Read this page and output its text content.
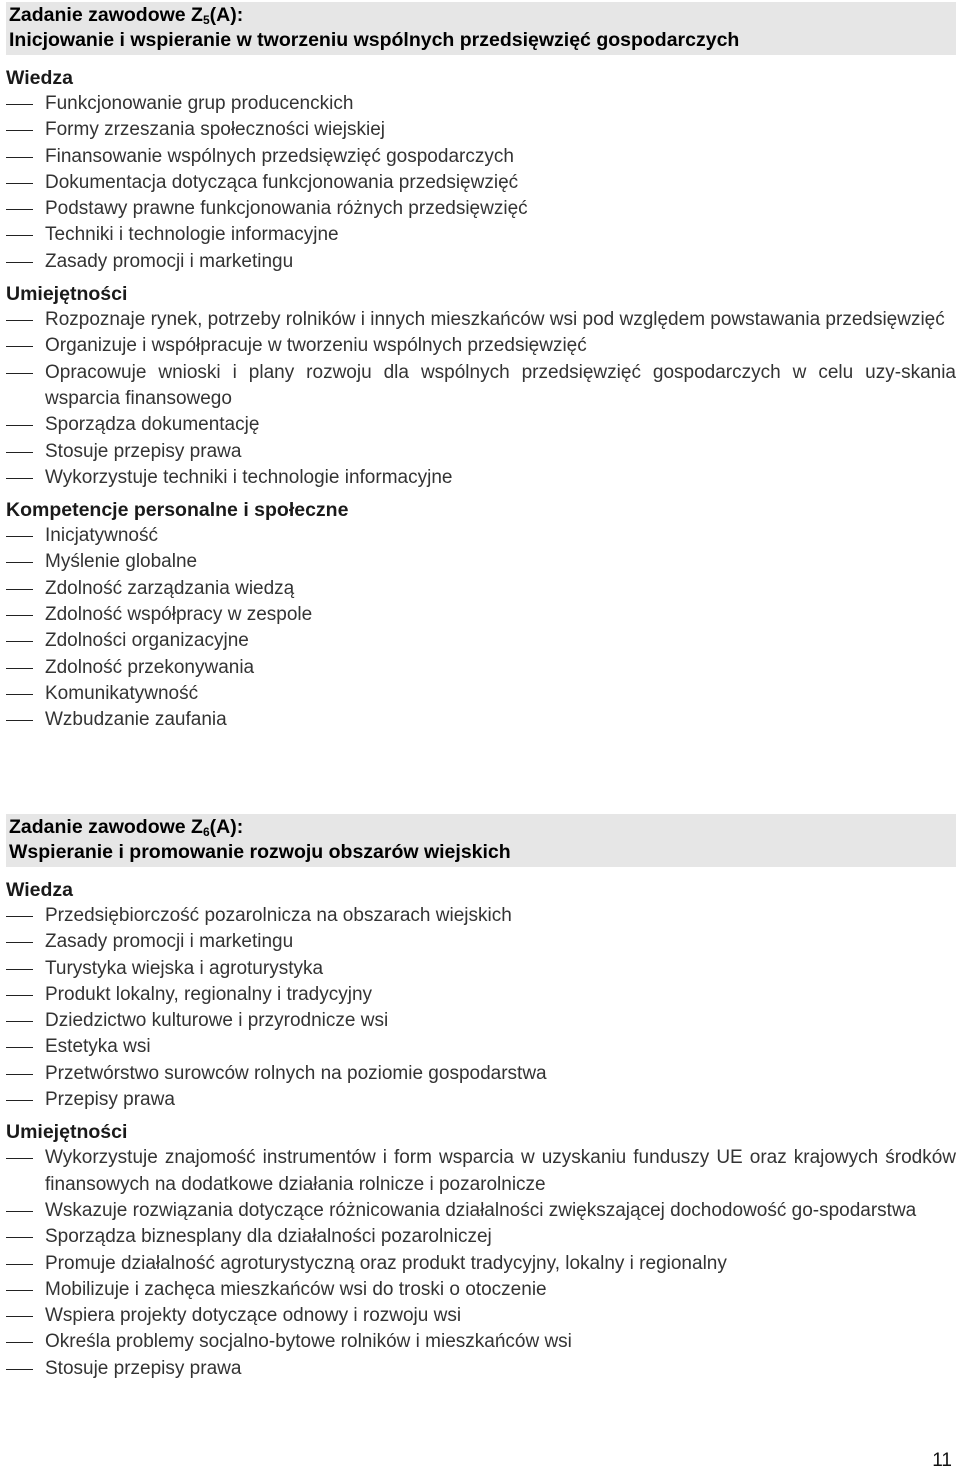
Zadanie zawodowe $Z_5(A)$:
Inicjowanie i wspieranie w tworzeniu wspólnych przedsięwzięć gospodarczych
Wiedza
Funkcjonowanie grup producenckich
Formy zrzeszania społeczności wiejskiej
Finansowanie wspólnych przedsięwzięć gospodarczych
Dokumentacja dotycząca funkcjonowania przedsięwzięć
Podstawy prawne funkcjonowania różnych przedsięwzięć
Techniki i technologie informacyjne
Zasady promocji i marketingu
Umiejętności
Rozpoznaje rynek, potrzeby rolników i innych mieszkańców wsi pod względem powstawania przedsięwzięć
Organizuje i współpracuje w tworzeniu wspólnych przedsięwzięć
Opracowuje wnioski i plany rozwoju dla wspólnych przedsięwzięć gospodarczych w celu uzy-skania wsparcia finansowego
Sporządza dokumentację
Stosuje przepisy prawa
Wykorzystuje techniki i technologie informacyjne
Kompetencje personalne i społeczne
Inicjatywność
Myślenie globalne
Zdolność zarządzania wiedzą
Zdolność współpracy w zespole
Zdolności organizacyjne
Zdolność przekonywania
Komunikatywność
Wzbudzanie zaufania
Zadanie zawodowe $Z_6(A)$:
Wspieranie i promowanie rozwoju obszarów wiejskich
Wiedza
Przedsiębiorczość pozarolnicza na obszarach wiejskich
Zasady promocji i marketingu
Turystyka wiejska i agroturystyka
Produkt lokalny, regionalny i tradycyjny
Dziedzictwo kulturowe i przyrodnicze wsi
Estetyka wsi
Przetwórstwo surowców rolnych na poziomie gospodarstwa
Przepisy prawa
Umiejętności
Wykorzystuje znajomość instrumentów i form wsparcia w uzyskaniu funduszy UE oraz krajowych środków finansowych na dodatkowe działania rolnicze i pozarolnicze
Wskazuje rozwiązania dotyczące różnicowania działalności zwiększającej dochodowość go-spodarstwa
Sporządza biznesplany dla działalności pozarolniczej
Promuje działalność agroturystyczną oraz produkt tradycyjny, lokalny i regionalny
Mobilizuje i zachęca mieszkańców wsi do troski o otoczenie
Wspiera projekty dotyczące odnowy i rozwoju wsi
Określa problemy socjalno-bytowe rolników i mieszkańców wsi
Stosuje przepisy prawa
11
